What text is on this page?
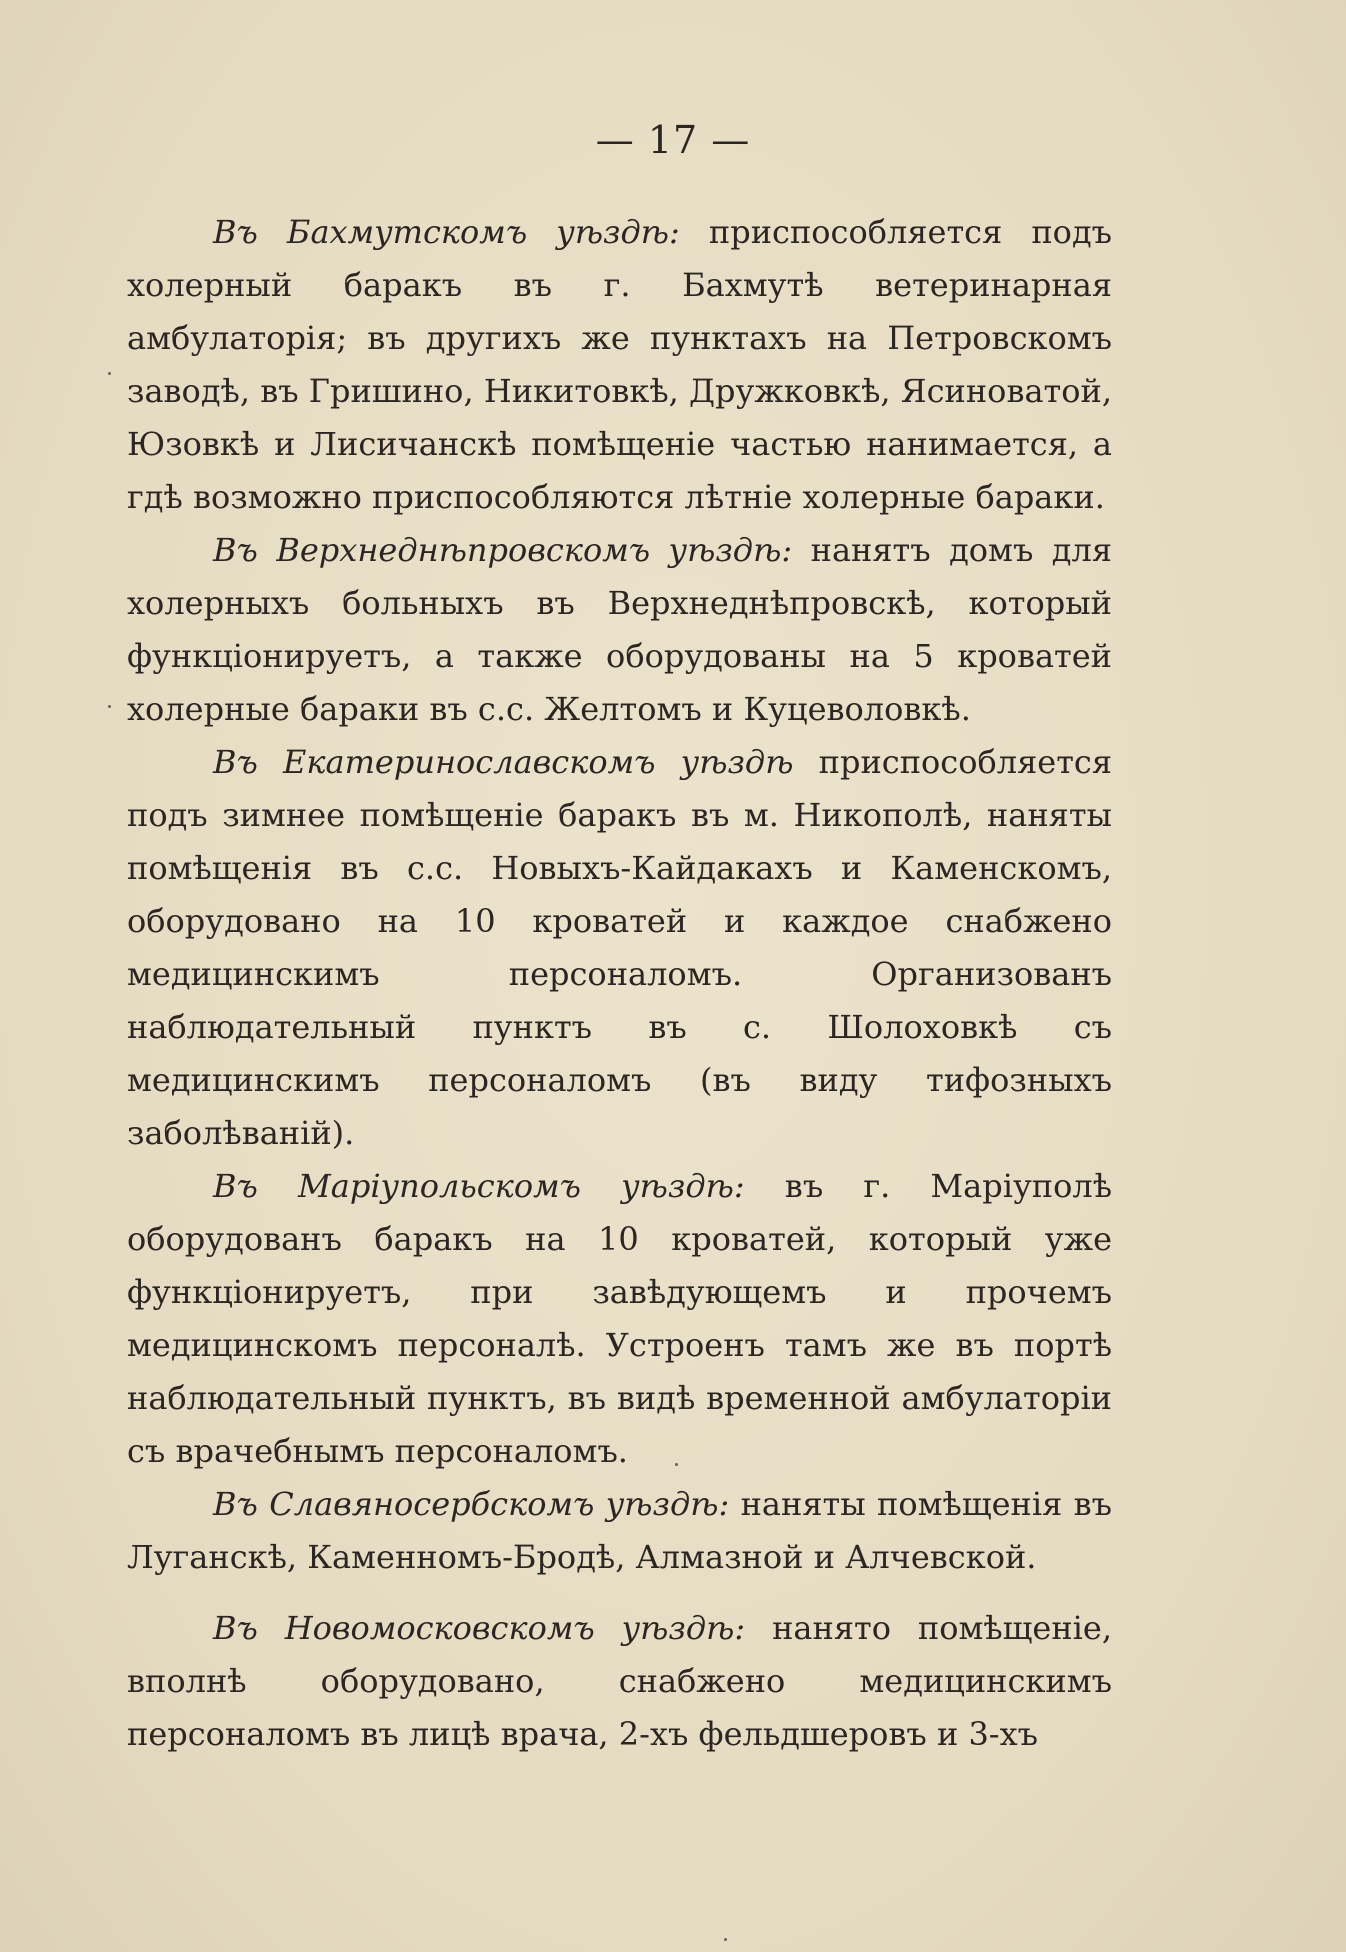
— 17 —

Въ Бахмутскомъ уѣздѣ: приспособляется подъ холерный баракъ въ г. Бахмутѣ ветеринарная амбулаторія; въ другихъ же пунктахъ на Петровскомъ заводѣ, въ Гришино, Никитовкѣ, Дружковкѣ, Ясиноватой, Юзовкѣ и Лисичанскѣ помѣщеніе частью нанимается, а гдѣ возможно приспособляются лѣтніе холерные бараки.

Въ Верхнеднѣпровскомъ уѣздѣ: нанятъ домъ для холерныхъ больныхъ въ Верхнеднѣпровскѣ, который функціонируетъ, а также оборудованы на 5 кроватей холерные бараки въ с.с. Желтомъ и Куцеволовкѣ.

Въ Екатеринославскомъ уѣздѣ приспособляется подъ зимнее помѣщеніе баракъ въ м. Никополѣ, наняты помѣщенія въ с.с. Новыхъ-Кайдакахъ и Каменскомъ, оборудовано на 10 кроватей и каждое снабжено медицинскимъ персоналомъ. Организованъ наблюдательный пунктъ въ с. Шолоховкѣ съ медицинскимъ персоналомъ (въ виду тифозныхъ заболѣваній).

Въ Маріупольскомъ уѣздѣ: въ г. Маріуполѣ оборудованъ баракъ на 10 кроватей, который уже функціонируетъ, при завѣдующемъ и прочемъ медицинскомъ персоналѣ. Устроенъ тамъ же въ портѣ наблюдательный пунктъ, въ видѣ временной амбулаторіи съ врачебнымъ персоналомъ.

Въ Славяносербскомъ уѣздѣ: наняты помѣщенія въ Луганскѣ, Каменномъ-Бродѣ, Алмазной и Алчевской.

Въ Новомосковскомъ уѣздѣ: нанято помѣщеніе, вполнѣ оборудовано, снабжено медицинскимъ персоналомъ въ лицѣ врача, 2-хъ фельдшеровъ и 3-хъ
